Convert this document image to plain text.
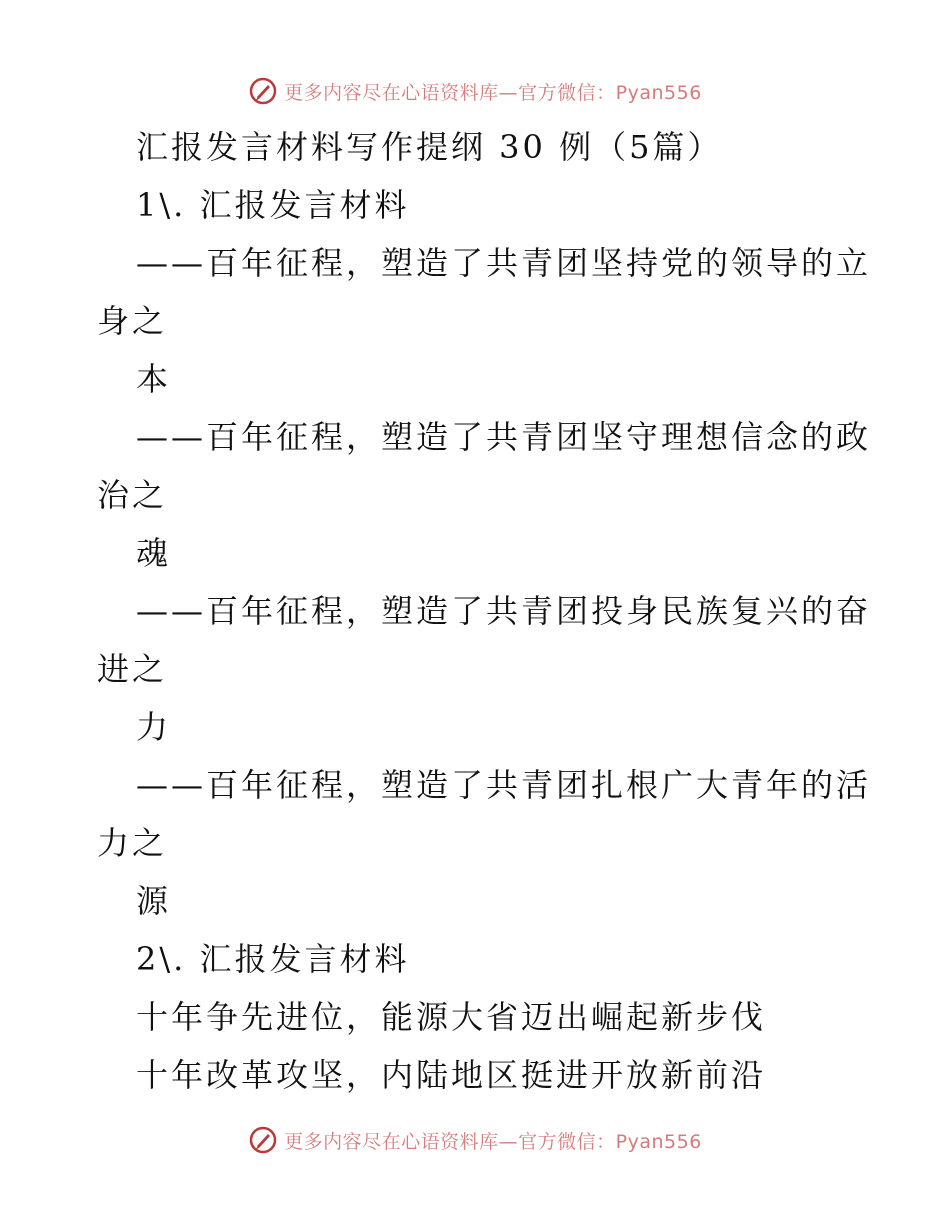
更多内容尽在心语资料库—官方微信：Pyan556
汇报发言材料写作提纲 30 例（5篇）
1\. 汇报发言材料
——百年征程，塑造了共青团坚持党的领导的立
身之
本
——百年征程，塑造了共青团坚守理想信念的政
治之
魂
——百年征程，塑造了共青团投身民族复兴的奋
进之
力
——百年征程，塑造了共青团扎根广大青年的活
力之
源
2\. 汇报发言材料
十年争先进位，能源大省迈出崛起新步伐
十年改革攻坚，内陆地区挺进开放新前沿
更多内容尽在心语资料库—官方微信：Pyan556
